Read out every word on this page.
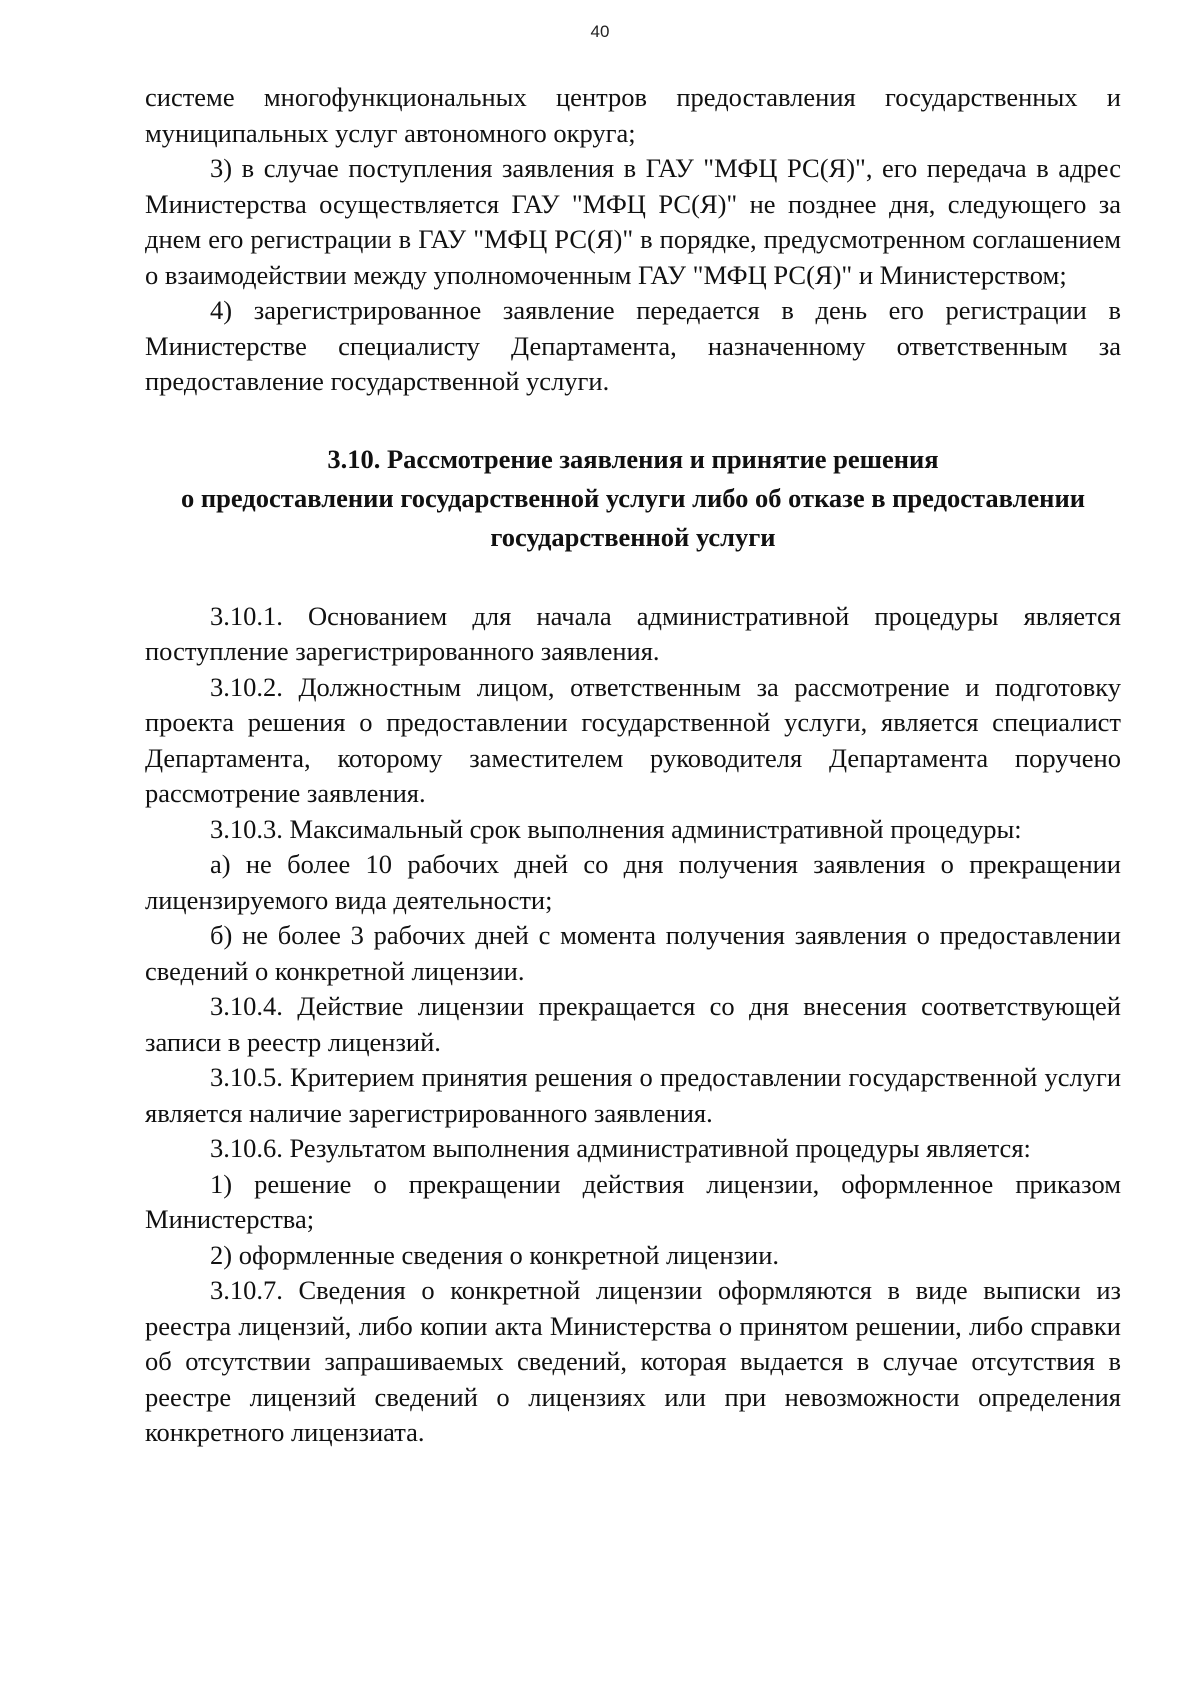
40

системе многофункциональных центров предоставления государственных и муниципальных услуг автономного округа;

3) в случае поступления заявления в ГАУ "МФЦ РС(Я)", его передача в адрес Министерства осуществляется ГАУ "МФЦ РС(Я)" не позднее дня, следующего за днем его регистрации в ГАУ "МФЦ РС(Я)" в порядке, предусмотренном соглашением о взаимодействии между уполномоченным ГАУ "МФЦ РС(Я)" и Министерством;

4) зарегистрированное заявление передается в день его регистрации в Министерстве специалисту Департамента, назначенному ответственным за предоставление государственной услуги.

3.10. Рассмотрение заявления и принятие решения

о предоставлении государственной услуги либо об отказе в предоставлении

государственной услуги

3.10.1. Основанием для начала административной процедуры является поступление зарегистрированного заявления.

3.10.2. Должностным лицом, ответственным за рассмотрение и подготовку проекта решения о предоставлении государственной услуги, является специалист Департамента, которому заместителем руководителя Департамента поручено рассмотрение заявления.

3.10.3. Максимальный срок выполнения административной процедуры:

а) не более 10 рабочих дней со дня получения заявления о прекращении лицензируемого вида деятельности;

б) не более 3 рабочих дней с момента получения заявления о предоставлении сведений о конкретной лицензии.

3.10.4. Действие лицензии прекращается со дня внесения соответствующей записи в реестр лицензий.

3.10.5. Критерием принятия решения о предоставлении государственной услуги является наличие зарегистрированного заявления.

3.10.6. Результатом выполнения административной процедуры является:

1) решение о прекращении действия лицензии, оформленное приказом Министерства;

2) оформленные сведения о конкретной лицензии.

3.10.7. Сведения о конкретной лицензии оформляются в виде выписки из реестра лицензий, либо копии акта Министерства о принятом решении, либо справки об отсутствии запрашиваемых сведений, которая выдается в случае отсутствия в реестре лицензий сведений о лицензиях или при невозможности определения конкретного лицензиата.
